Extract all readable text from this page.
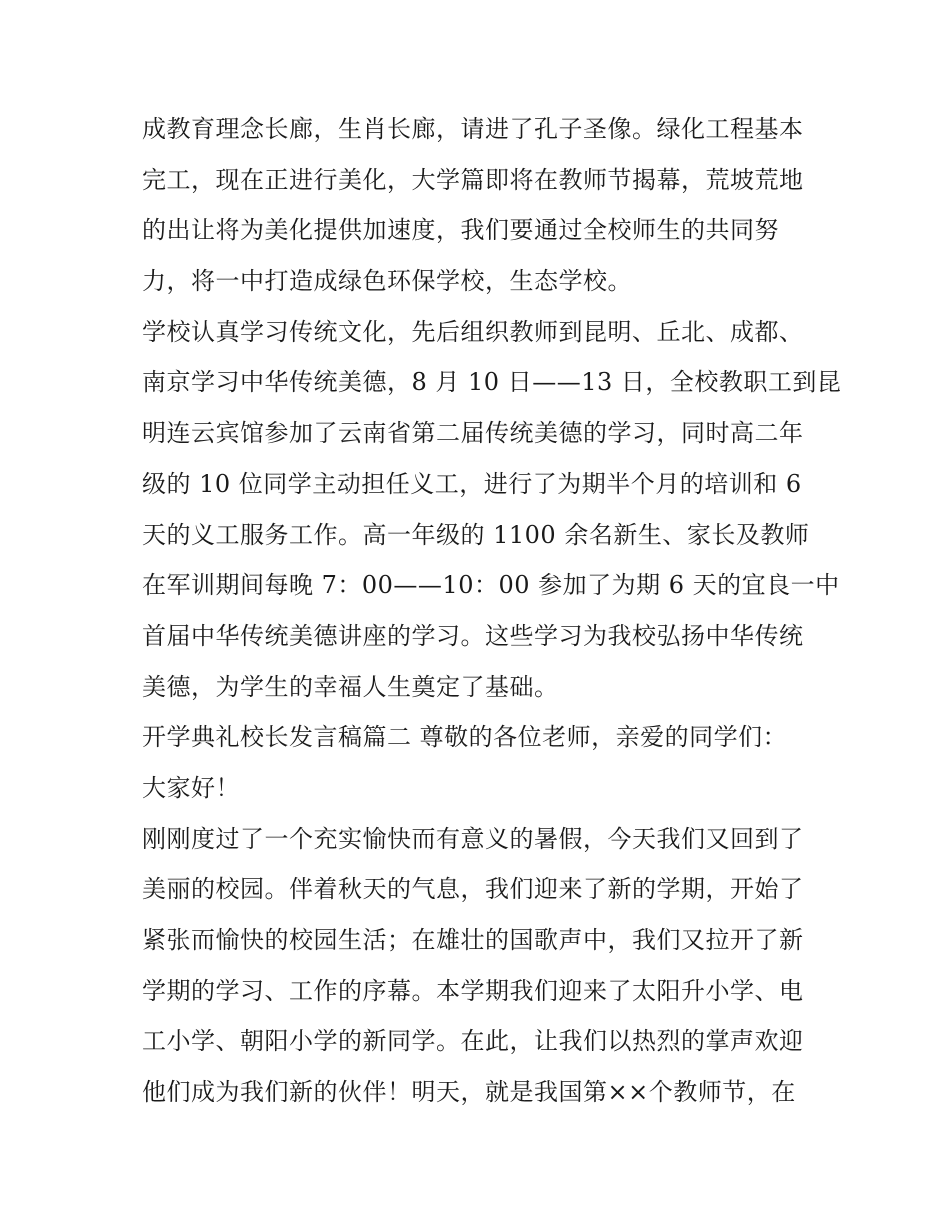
成教育理念长廊，生肖长廊，请进了孔子圣像。绿化工程基本
完工，现在正进行美化，大学篇即将在教师节揭幕，荒坡荒地
的出让将为美化提供加速度，我们要通过全校师生的共同努
力，将一中打造成绿色环保学校，生态学校。
学校认真学习传统文化，先后组织教师到昆明、丘北、成都、
南京学习中华传统美德，8 月 10 日——13 日，全校教职工到昆
明连云宾馆参加了云南省第二届传统美德的学习，同时高二年
级的 10 位同学主动担任义工，进行了为期半个月的培训和 6
天的义工服务工作。高一年级的 1100 余名新生、家长及教师
在军训期间每晚 7：00——10：00 参加了为期 6 天的宜良一中
首届中华传统美德讲座的学习。这些学习为我校弘扬中华传统
美德，为学生的幸福人生奠定了基础。
开学典礼校长发言稿篇二 尊敬的各位老师，亲爱的同学们：
大家好！
刚刚度过了一个充实愉快而有意义的暑假，今天我们又回到了
美丽的校园。伴着秋天的气息，我们迎来了新的学期，开始了
紧张而愉快的校园生活；在雄壮的国歌声中，我们又拉开了新
学期的学习、工作的序幕。本学期我们迎来了太阳升小学、电
工小学、朝阳小学的新同学。在此，让我们以热烈的掌声欢迎
他们成为我们新的伙伴！明天，就是我国第××个教师节，在
